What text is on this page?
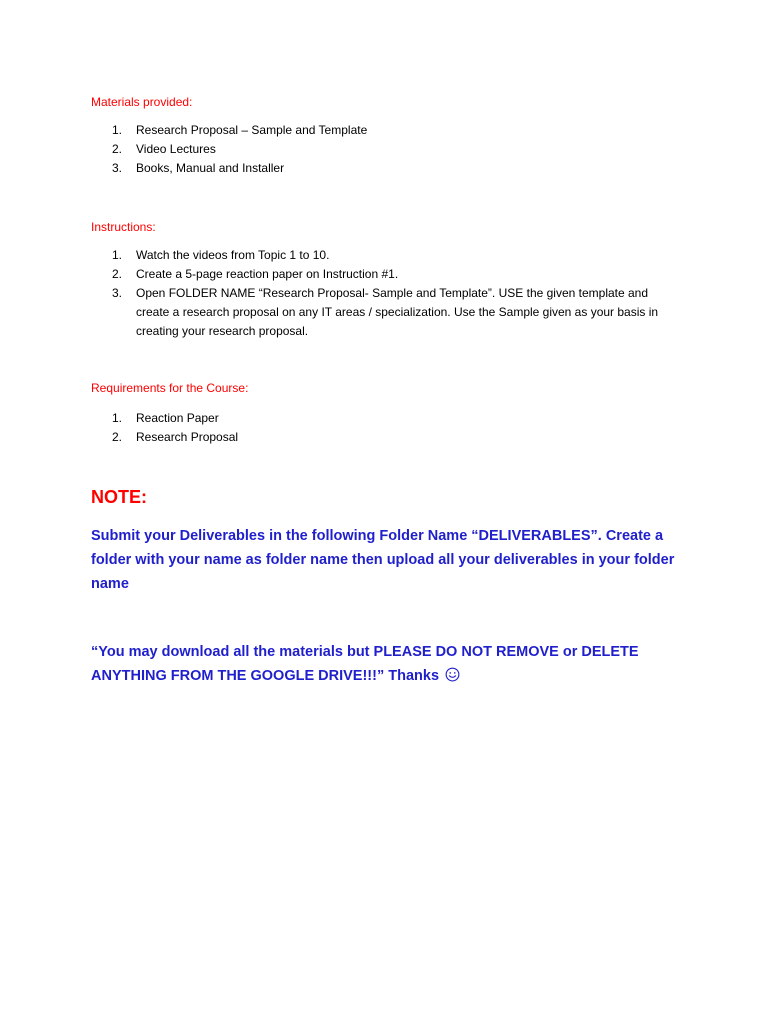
Materials provided:
1. Research Proposal – Sample and Template
2. Video Lectures
3. Books, Manual and Installer
Instructions:
1. Watch the videos from Topic 1 to 10.
2. Create a 5-page reaction paper on Instruction #1.
3. Open FOLDER NAME “Research Proposal- Sample and Template”. USE the given template and create a research proposal on any IT areas / specialization. Use the Sample given as your basis in creating your research proposal.
Requirements for the Course:
1. Reaction Paper
2. Research Proposal
NOTE:

Submit your Deliverables in the following Folder Name “DELIVERABLES”. Create a folder with your name as folder name then upload all your deliverables in your folder name

“You may download all the materials but PLEASE DO NOT REMOVE or DELETE ANYTHING FROM THE GOOGLE DRIVE!!!” Thanks
